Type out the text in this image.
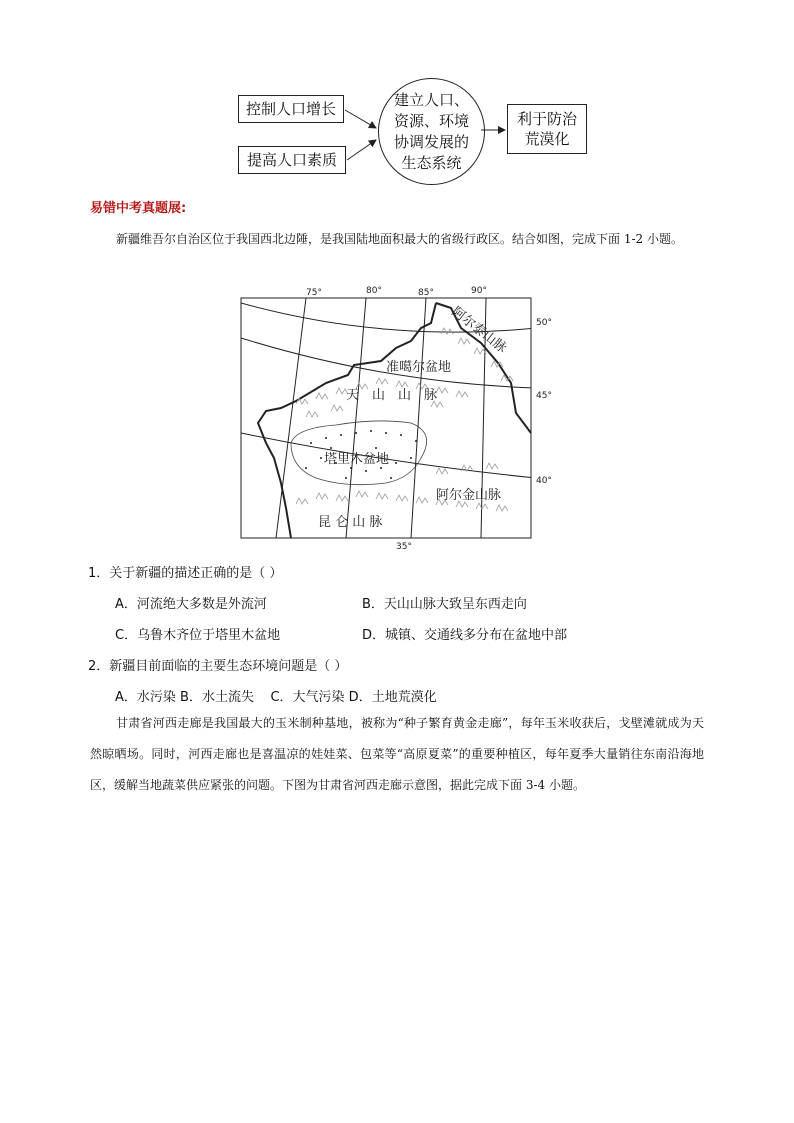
控制人口增长
提高人口素质
建立人口、
资源、环境
协调发展的
生态系统
利于防治
荒漠化
易错中考真题展:
新疆维吾尔自治区位于我国西北边陲，是我国陆地面积最大的省级行政区。结合如图，完成下面 1-2 小题。
75°	80°	85°	90°
50°
45°
40°
35°
阿尔泰山脉
准噶尔盆地
天　山　山　脉
塔里木盆地
阿尔金山脉
昆 仑 山 脉
1．关于新疆的描述正确的是（ ）
A．河流绝大多数是外流河	B．天山山脉大致呈东西走向
C．乌鲁木齐位于塔里木盆地	D．城镇、交通线多分布在盆地中部
2．新疆目前面临的主要生态环境问题是（ ）
A．水污染 B．水土流失    C．大气污染 D．土地荒漠化
甘肃省河西走廊是我国最大的玉米制种基地，被称为“种子繁育黄金走廊”，每年玉米收获后，戈壁滩就成为天然晾晒场。同时，河西走廊也是喜温凉的娃娃菜、包菜等“高原夏菜”的重要种植区，每年夏季大量销往东南沿海地区，缓解当地蔬菜供应紧张的问题。下图为甘肃省河西走廊示意图，据此完成下面 3-4 小题。
